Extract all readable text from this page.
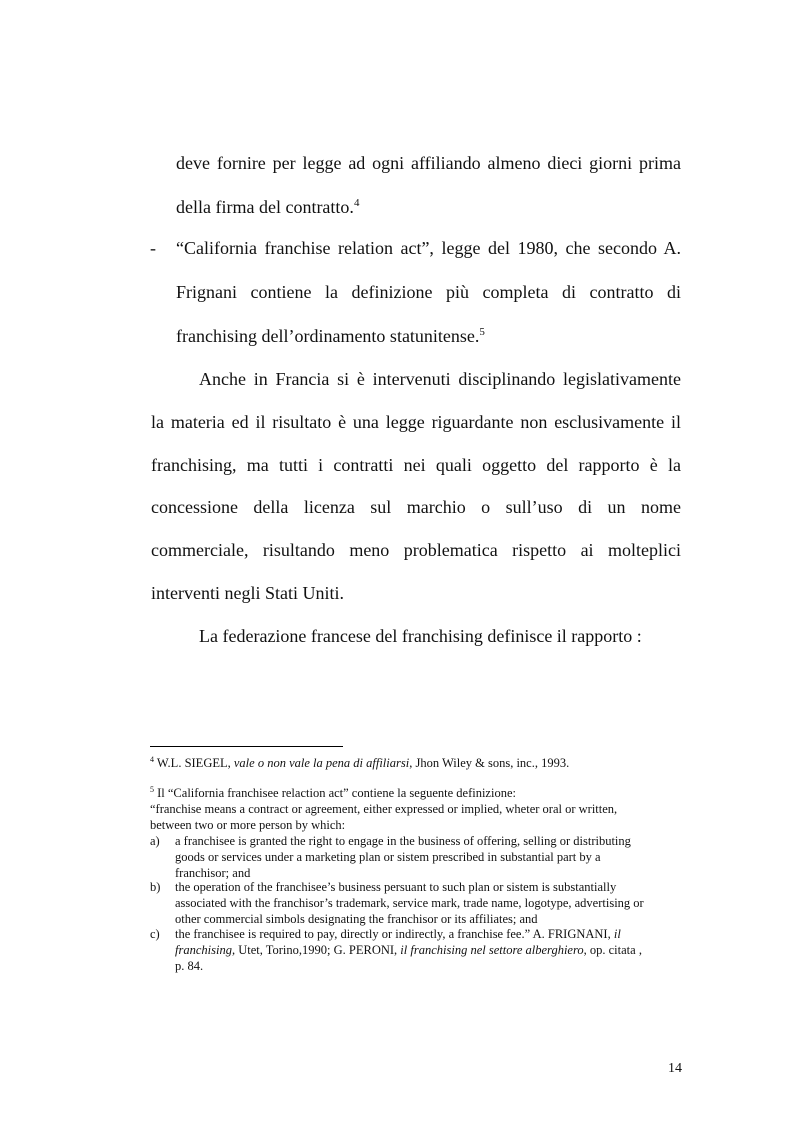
deve fornire per legge ad ogni affiliando almeno dieci giorni prima
della firma del contratto.$^4$
- “California franchise relation act”, legge del 1980, che secondo A.
Frignani contiene la definizione più completa di contratto di
franchising dell’ordinamento statunitense.$^5$
Anche in Francia si è intervenuti disciplinando legislativamente
la materia ed il risultato è una legge riguardante non esclusivamente il
franchising, ma tutti i contratti nei quali oggetto del rapporto è la
concessione della licenza sul marchio o sull’uso di un nome
commerciale, risultando meno problematica rispetto ai molteplici
interventi negli Stati Uniti.
La federazione francese del franchising definisce il rapporto :
$^4$ W.L. SIEGEL, vale o non vale la pena di affiliarsi, Jhon Wiley & sons, inc., 1993.
$^5$ Il “California franchisee relaction act” contiene la seguente definizione:
“franchise means a contract or agreement, either expressed or implied, wheter oral or written,
between two or more person by which:
a) a franchisee is granted the right to engage in the business of offering, selling or distributing
goods or services under a marketing plan or sistem prescribed in substantial part by a
franchisor; and
b) the operation of the franchisee’s business persuant to such plan or sistem is substantially
associated with the franchisor’s trademark, service mark, trade name, logotype, advertising or
other commercial simbols designating the franchisor or its affiliates; and
c) the franchisee is required to pay, directly or indirectly, a franchise fee.” A. FRIGNANI, il
franchising, Utet, Torino,1990; G. PERONI, il franchising nel settore alberghiero, op. citata ,
p. 84.
14
